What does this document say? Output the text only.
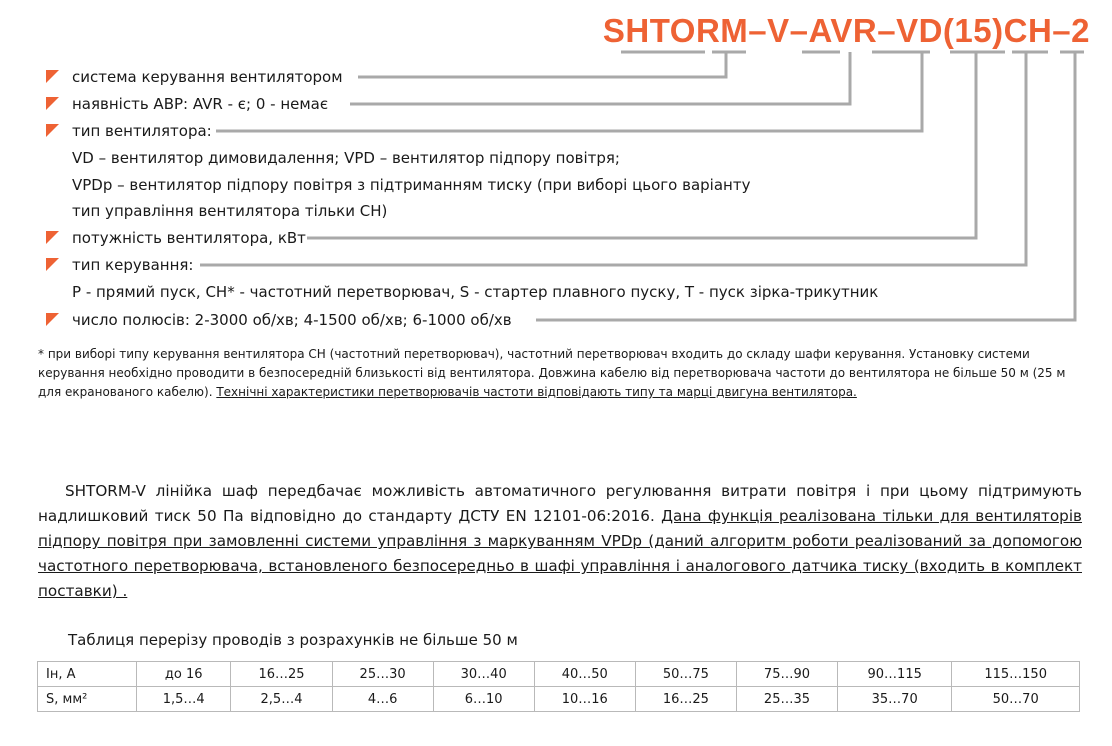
SHTORM–V–AVR–VD(15)CH–2
система керування вентилятором
наявність АВР: AVR - є; 0 - немає
тип вентилятора:
VD – вентилятор димовидалення; VPD – вентилятор підпору повітря;
VPDp – вентилятор підпору повітря з підтриманням тиску (при виборі цього варіанту
тип управління вентилятора тільки СН)
потужність вентилятора, кВт
тип керування:
Р - прямий пуск, СН* - частотний перетворювач, S - стартер плавного пуску, Т - пуск зірка-трикутник
число полюсів: 2-3000 об/хв; 4-1500 об/хв; 6-1000 об/хв
* при виборі типу керування вентилятора СН (частотний перетворювач), частотний перетворювач входить до складу шафи керування. Установку системи керування необхідно проводити в безпосередній близькості від вентилятора. Довжина кабелю від перетворювача частоти до вентилятора не більше 50 м (25 м для екранованого кабелю). Технічні характеристики перетворювачів частоти відповідають типу та марці двигуна вентилятора.
SHTORM-V лінійка шаф передбачає можливість автоматичного регулювання витрати повітря і при цьому підтримують надлишковий тиск 50 Па відповідно до стандарту ДСТУ EN 12101-06:2016. Дана функція реалізована тільки для вентиляторів підпору повітря при замовленні системи управління з маркуванням VPDp (даний алгоритм роботи реалізований за допомогою частотного перетворювача, встановленого безпосередньо в шафі управління і аналогового датчика тиску (входить в комплект поставки) .
Таблиця перерізу проводів з розрахунків не більше 50 м
Iн, А	до 16	16…25	25…30	30…40	40…50	50…75	75…90	90…115	115…150
S, мм²	1,5…4	2,5…4	4…6	6…10	10…16	16…25	25…35	35…70	50…70
